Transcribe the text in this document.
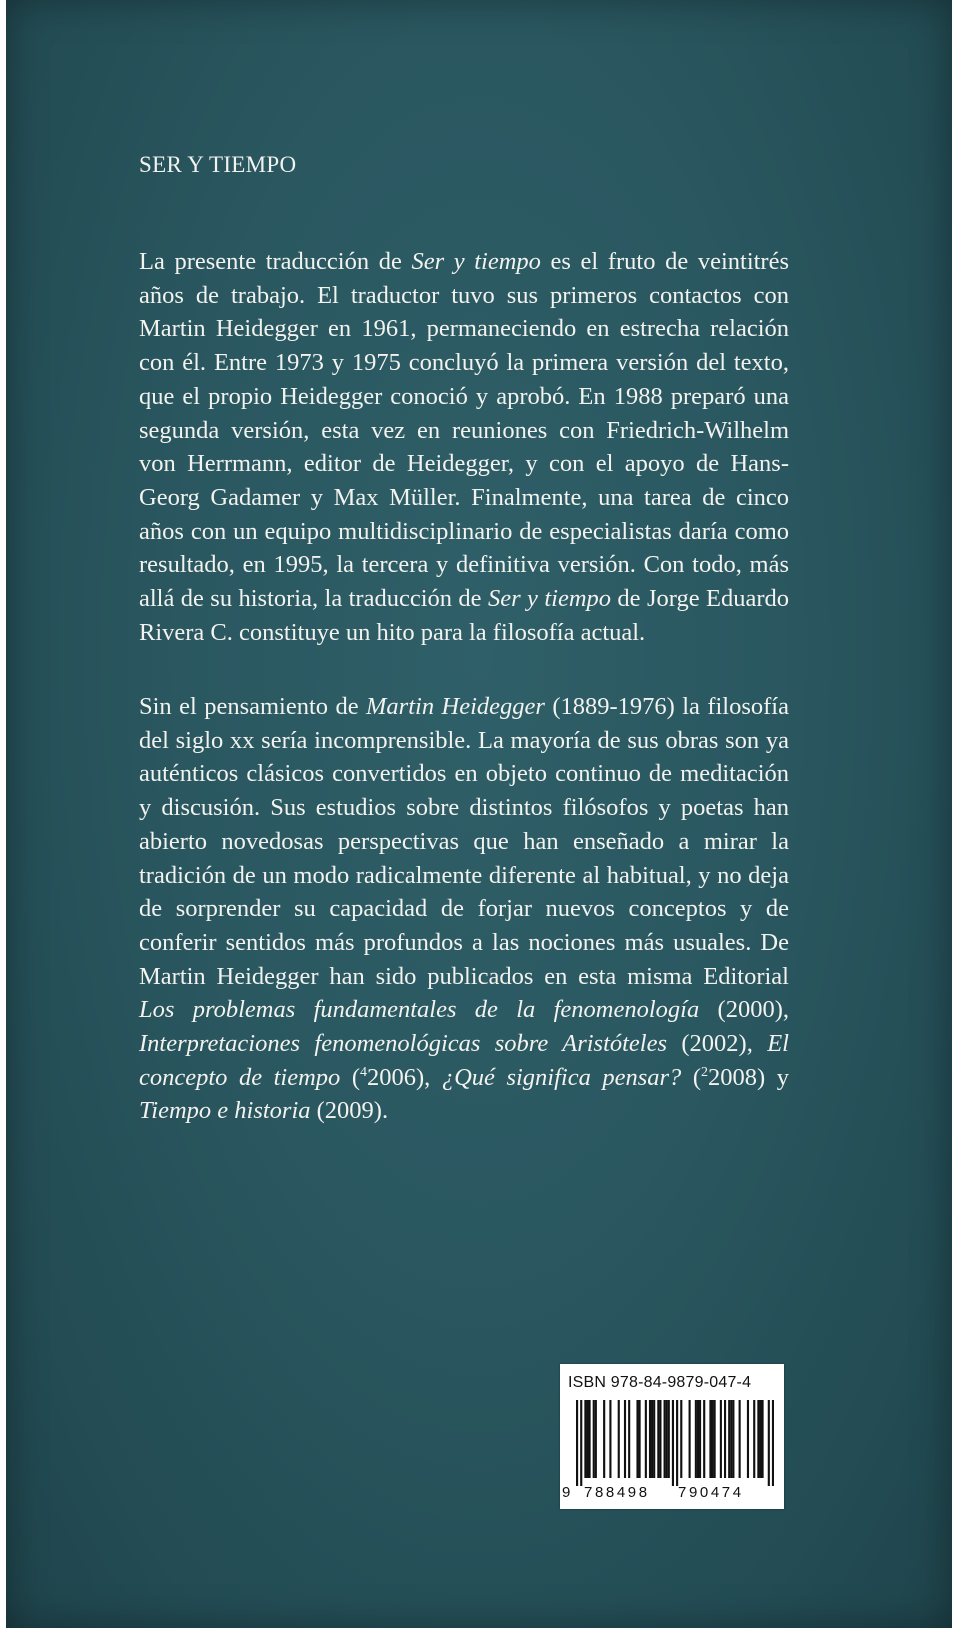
SER Y TIEMPO

La presente traducción de Ser y tiempo es el fruto de veintitrés años de trabajo. El traductor tuvo sus primeros contactos con Martin Heidegger en 1961, permaneciendo en estrecha relación con él. Entre 1973 y 1975 concluyó la primera versión del texto, que el propio Heidegger conoció y aprobó. En 1988 preparó una segunda versión, esta vez en reuniones con Friedrich-Wilhelm von Herrmann, editor de Heidegger, y con el apoyo de Hans-Georg Gadamer y Max Müller. Finalmente, una tarea de cinco años con un equipo multidisciplinario de especialistas daría como resultado, en 1995, la tercera y definitiva versión. Con todo, más allá de su historia, la traducción de Ser y tiempo de Jorge Eduardo Rivera C. constituye un hito para la filosofía actual.

Sin el pensamiento de Martin Heidegger (1889-1976) la filosofía del siglo xx sería incomprensible. La mayoría de sus obras son ya auténticos clásicos convertidos en objeto continuo de meditación y discusión. Sus estudios sobre distintos filósofos y poetas han abierto novedosas perspectivas que han enseñado a mirar la tradición de un modo radicalmente diferente al habitual, y no deja de sorprender su capacidad de forjar nuevos conceptos y de conferir sentidos más profundos a las nociones más usuales. De Martin Heidegger han sido publicados en esta misma Editorial Los problemas fundamentales de la fenomenología (2000), Interpretaciones fenomenológicas sobre Aristóteles (2002), El concepto de tiempo ($^4$2006), ¿Qué significa pensar? ($^2$2008) y Tiempo e historia (2009).

ISBN 978-84-9879-047-4
9 788498 790474
